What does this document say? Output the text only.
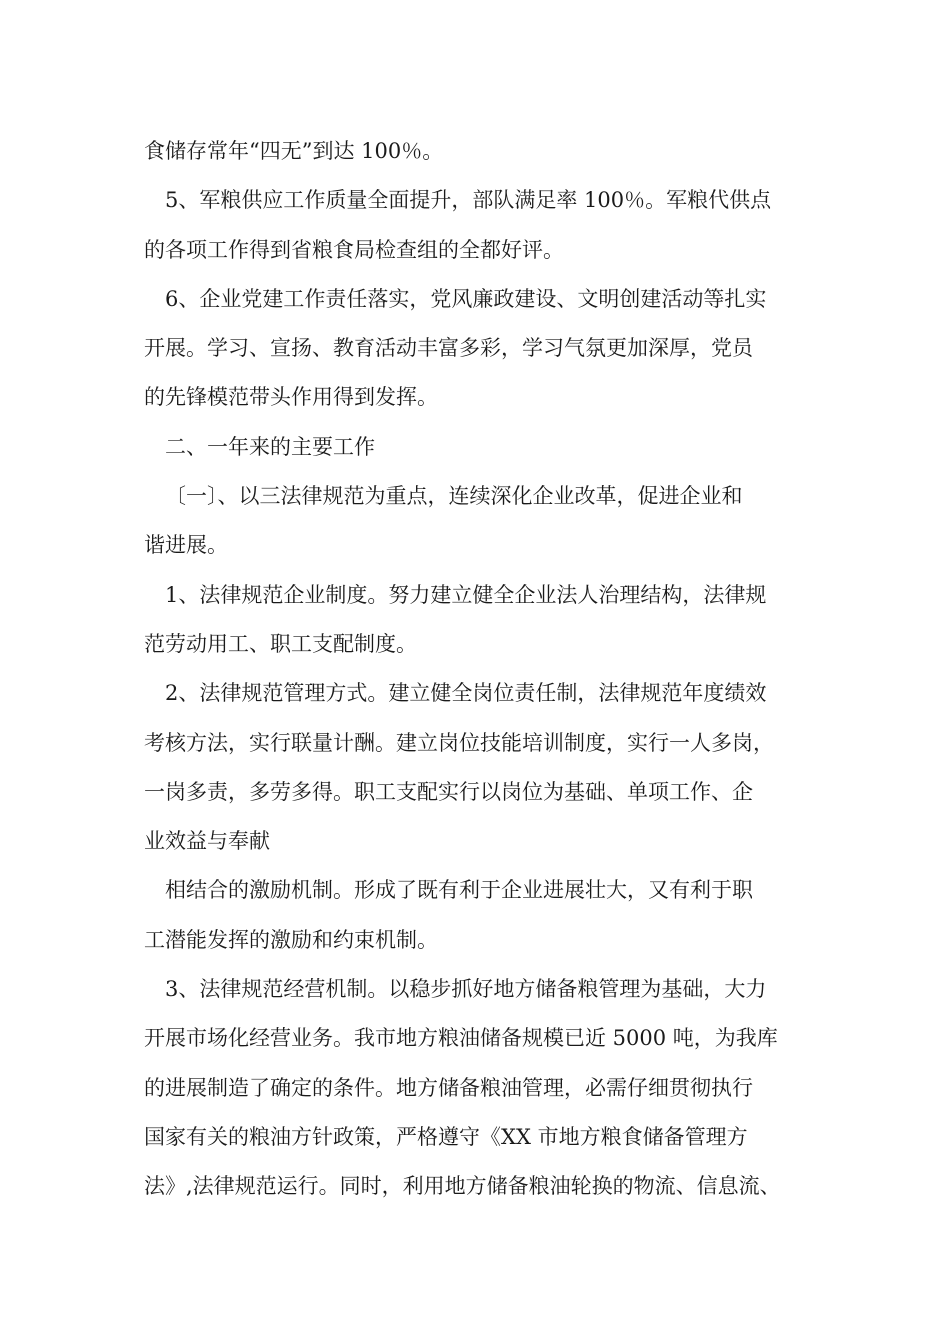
食储存常年“四无”到达 100％。
5、军粮供应工作质量全面提升，部队满足率 100％。军粮代供点
的各项工作得到省粮食局检查组的全都好评。
6、企业党建工作责任落实，党风廉政建设、文明创建活动等扎实
开展。学习、宣扬、教育活动丰富多彩，学习气氛更加深厚，党员
的先锋模范带头作用得到发挥。
二、一年来的主要工作
〔一〕、以三法律规范为重点，连续深化企业改革，促进企业和
谐进展。
1、法律规范企业制度。努力建立健全企业法人治理结构，法律规
范劳动用工、职工支配制度。
2、法律规范管理方式。建立健全岗位责任制，法律规范年度绩效
考核方法，实行联量计酬。建立岗位技能培训制度，实行一人多岗，
一岗多责，多劳多得。职工支配实行以岗位为基础、单项工作、企
业效益与奉献
相结合的激励机制。形成了既有利于企业进展壮大，又有利于职
工潜能发挥的激励和约束机制。
3、法律规范经营机制。以稳步抓好地方储备粮管理为基础，大力
开展市场化经营业务。我市地方粮油储备规模已近 5000 吨，为我库
的进展制造了确定的条件。地方储备粮油管理，必需仔细贯彻执行
国家有关的粮油方针政策，严格遵守《XX 市地方粮食储备管理方
法》,法律规范运行。同时，利用地方储备粮油轮换的物流、信息流、
